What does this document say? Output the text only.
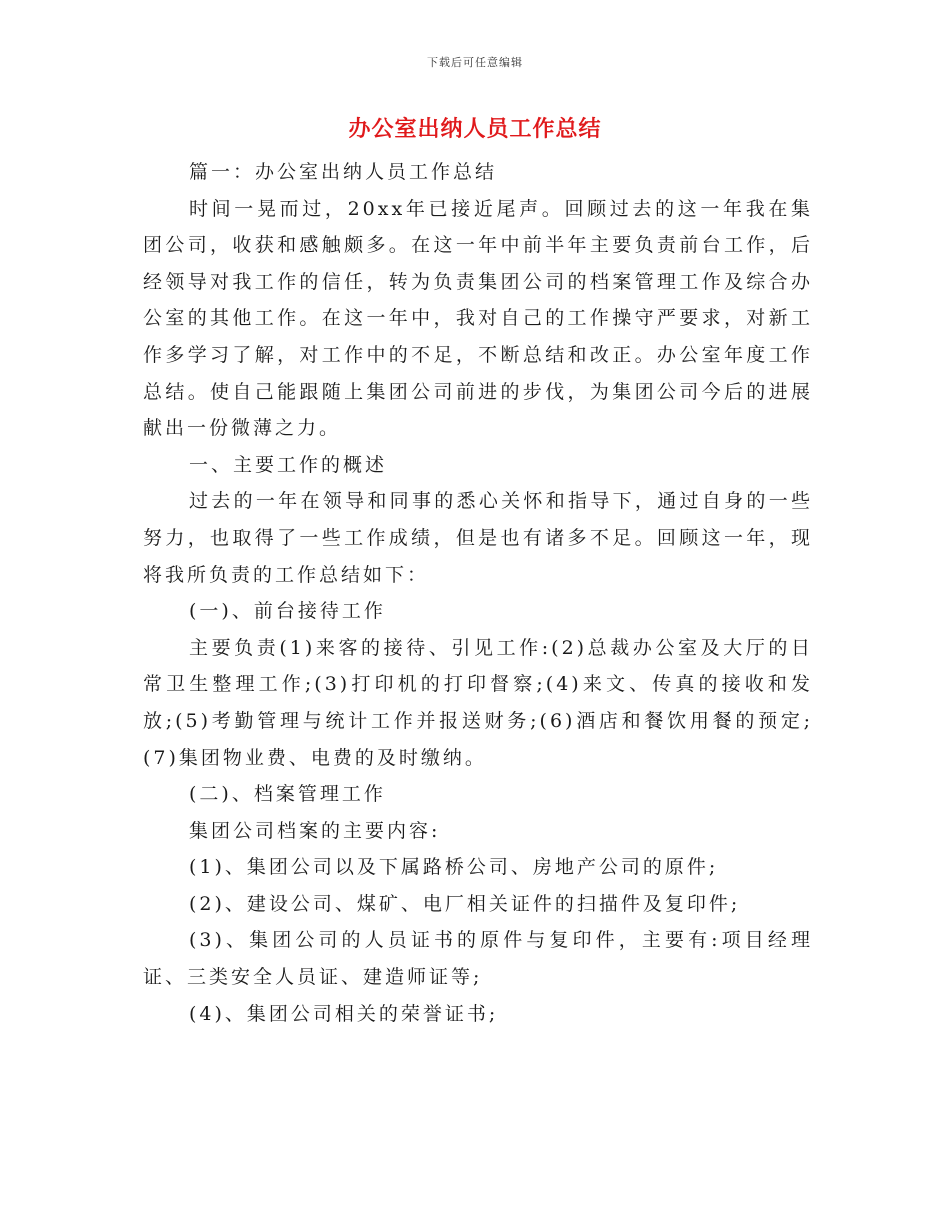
下载后可任意编辑
办公室出纳人员工作总结

篇一：办公室出纳人员工作总结

时间一晃而过，20xx年已接近尾声。回顾过去的这一年我在集团公司，收获和感触颇多。在这一年中前半年主要负责前台工作，后经领导对我工作的信任，转为负责集团公司的档案管理工作及综合办公室的其他工作。在这一年中，我对自己的工作操守严要求，对新工作多学习了解，对工作中的不足，不断总结和改正。办公室年度工作总结。使自己能跟随上集团公司前进的步伐，为集团公司今后的进展献出一份微薄之力。

一、主要工作的概述

过去的一年在领导和同事的悉心关怀和指导下，通过自身的一些努力，也取得了一些工作成绩，但是也有诸多不足。回顾这一年，现将我所负责的工作总结如下：

(一)、前台接待工作

主要负责(1)来客的接待、引见工作:(2)总裁办公室及大厅的日常卫生整理工作;(3)打印机的打印督察;(4)来文、传真的接收和发放;(5)考勤管理与统计工作并报送财务;(6)酒店和餐饮用餐的预定;(7)集团物业费、电费的及时缴纳。

(二)、档案管理工作

集团公司档案的主要内容:

(1)、集团公司以及下属路桥公司、房地产公司的原件;

(2)、建设公司、煤矿、电厂相关证件的扫描件及复印件;

(3)、集团公司的人员证书的原件与复印件，主要有:项目经理证、三类安全人员证、建造师证等;

(4)、集团公司相关的荣誉证书;
